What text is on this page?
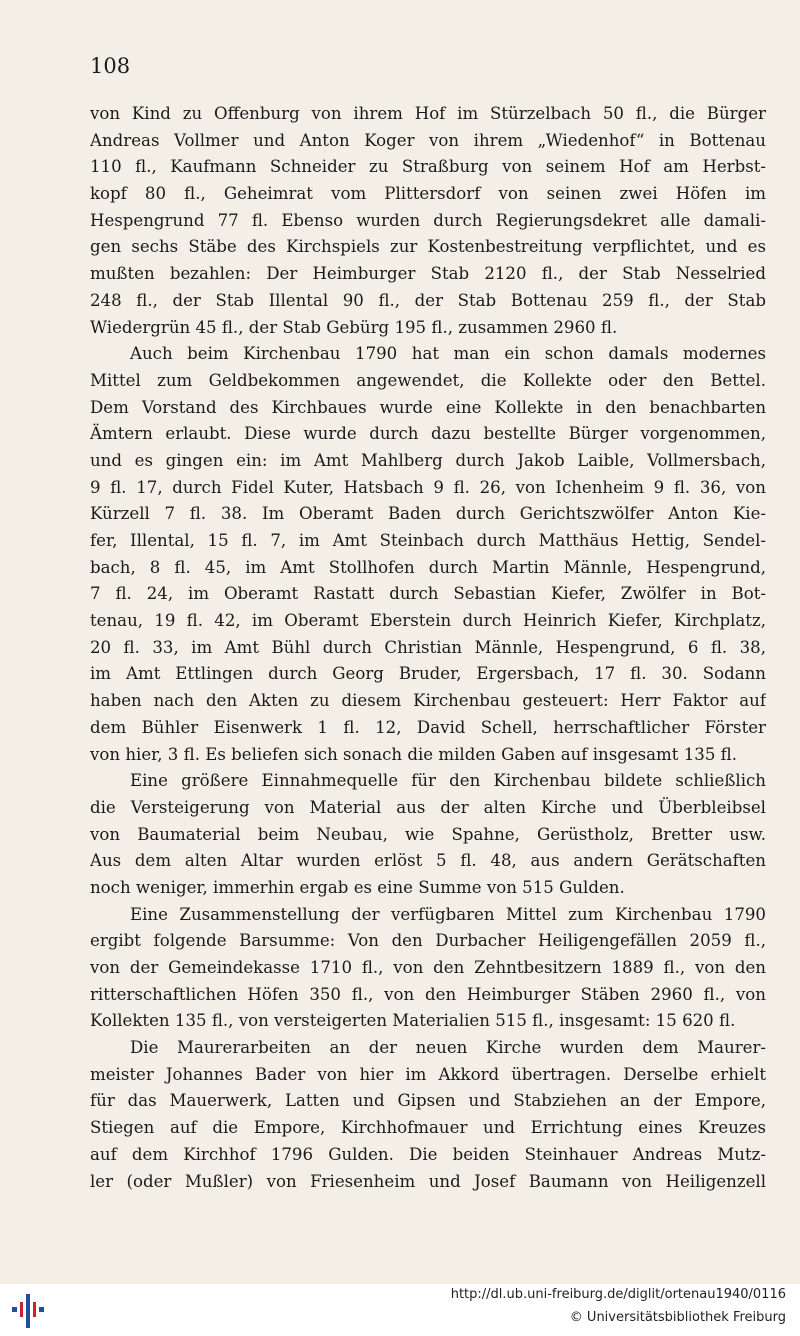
108
von Kind zu Offenburg von ihrem Hof im Stürzelbach 50 fl., die Bürger
Andreas Vollmer und Anton Koger von ihrem „Wiedenhof“ in Bottenau
110 fl., Kaufmann Schneider zu Straßburg von seinem Hof am Herbst-
kopf 80 fl., Geheimrat vom Plittersdorf von seinen zwei Höfen im
Hespengrund 77 fl. Ebenso wurden durch Regierungsdekret alle damali-
gen sechs Stäbe des Kirchspiels zur Kostenbestreitung verpflichtet, und es
mußten bezahlen: Der Heimburger Stab 2120 fl., der Stab Nesselried
248 fl., der Stab Illental 90 fl., der Stab Bottenau 259 fl., der Stab
Wiedergrün 45 fl., der Stab Gebürg 195 fl., zusammen 2960 fl.
Auch beim Kirchenbau 1790 hat man ein schon damals modernes
Mittel zum Geldbekommen angewendet, die Kollekte oder den Bettel.
Dem Vorstand des Kirchbaues wurde eine Kollekte in den benachbarten
Ämtern erlaubt. Diese wurde durch dazu bestellte Bürger vorgenommen,
und es gingen ein: im Amt Mahlberg durch Jakob Laible, Vollmersbach,
9 fl. 17, durch Fidel Kuter, Hatsbach 9 fl. 26, von Ichenheim 9 fl. 36, von
Kürzell 7 fl. 38. Im Oberamt Baden durch Gerichtszwölfer Anton Kie-
fer, Illental, 15 fl. 7, im Amt Steinbach durch Matthäus Hettig, Sendel-
bach, 8 fl. 45, im Amt Stollhofen durch Martin Männle, Hespengrund,
7 fl. 24, im Oberamt Rastatt durch Sebastian Kiefer, Zwölfer in Bot-
tenau, 19 fl. 42, im Oberamt Eberstein durch Heinrich Kiefer, Kirchplatz,
20 fl. 33, im Amt Bühl durch Christian Männle, Hespengrund, 6 fl. 38,
im Amt Ettlingen durch Georg Bruder, Ergersbach, 17 fl. 30. Sodann
haben nach den Akten zu diesem Kirchenbau gesteuert: Herr Faktor auf
dem Bühler Eisenwerk 1 fl. 12, David Schell, herrschaftlicher Förster
von hier, 3 fl. Es beliefen sich sonach die milden Gaben auf insgesamt 135 fl.
Eine größere Einnahmequelle für den Kirchenbau bildete schließlich
die Versteigerung von Material aus der alten Kirche und Überbleibsel
von Baumaterial beim Neubau, wie Spahne, Gerüstholz, Bretter usw.
Aus dem alten Altar wurden erlöst 5 fl. 48, aus andern Gerätschaften
noch weniger, immerhin ergab es eine Summe von 515 Gulden.
Eine Zusammenstellung der verfügbaren Mittel zum Kirchenbau 1790
ergibt folgende Barsumme: Von den Durbacher Heiligengefällen 2059 fl.,
von der Gemeindekasse 1710 fl., von den Zehntbesitzern 1889 fl., von den
ritterschaftlichen Höfen 350 fl., von den Heimburger Stäben 2960 fl., von
Kollekten 135 fl., von versteigerten Materialien 515 fl., insgesamt: 15 620 fl.
Die Maurerarbeiten an der neuen Kirche wurden dem Maurer-
meister Johannes Bader von hier im Akkord übertragen. Derselbe erhielt
für das Mauerwerk, Latten und Gipsen und Stabziehen an der Empore,
Stiegen auf die Empore, Kirchhofmauer und Errichtung eines Kreuzes
auf dem Kirchhof 1796 Gulden. Die beiden Steinhauer Andreas Mutz-
ler (oder Mußler) von Friesenheim und Josef Baumann von Heiligenzell
http://dl.ub.uni-freiburg.de/diglit/ortenau1940/0116
© Universitätsbibliothek Freiburg
